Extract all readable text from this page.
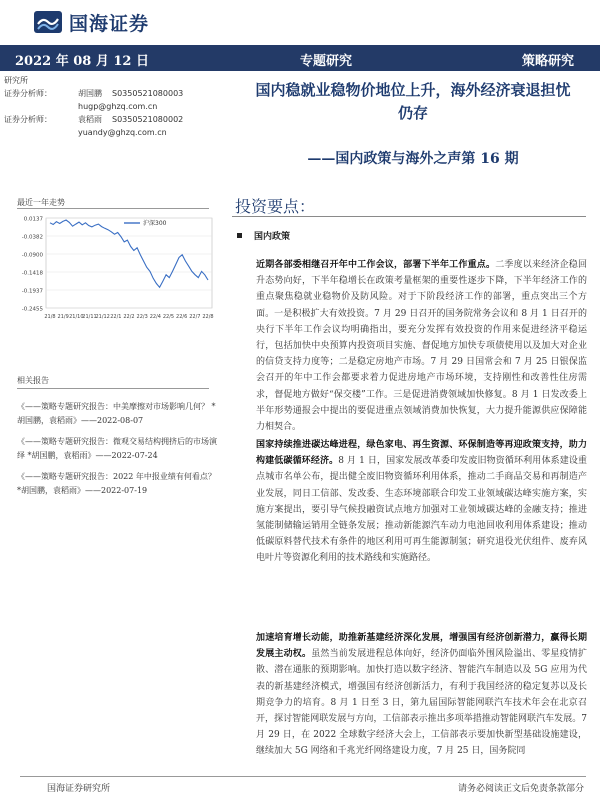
国海证券
2022 年 08 月 12 日	专题研究	策略研究
研究所
证券分析师：	胡国鹏 S0350521080003
hugp@ghzq.com.cn
证券分析师：	袁稻雨 S0350521080002
yuandy@ghzq.com.cn
国内稳就业稳物价地位上升，海外经济衰退担忧
仍存
——国内政策与海外之声第 16 期
最近一年走势
0.0137
-0.0382
-0.0900
-0.1418
-0.1937
-0.2455
21/8 21/9 21/10
21/11
21/12 22/1 22/2 22/3 22/4 22/5 22/6 22/7 22/8
沪深300
相关报告
《——策略专题研究报告：中美摩擦对市场影响几何？ *胡国鹏，袁稻雨》——2022-08-07
《——策略专题研究报告：微观交易结构拥挤后的市场演绎 *胡国鹏，袁稻雨》——2022-07-24
《——策略专题研究报告：2022 年中报业绩有何看点？ *胡国鹏，袁稻雨》——2022-07-19
投资要点：
国内政策
近期各部委相继召开年中工作会议，部署下半年工作重点。二季度以来经济企稳回升态势向好，下半年稳增长在政策考量框架的重要性逐步下降，下半年经济工作的重点聚焦稳就业稳物价及防风险。对于下阶段经济工作的部署，重点突出三个方面。一是积极扩大有效投资。7 月 29 日召开的国务院常务会议和 8 月 1 日召开的央行下半年工作会议均明确指出，要充分发挥有效投资的作用来促进经济平稳运行，包括加快中央预算内投资项目实施、督促地方加快专项债使用以及加大对企业的信贷支持力度等；二是稳定房地产市场。7 月 29 日国常会和 7 月 25 日银保监会召开的年中工作会都要求着力促进房地产市场环境，支持刚性和改善性住房需求，督促地方做好“保交楼”工作。三是促进消费领域加快修复。8 月 1 日发改委上半年形势通报会中提出的要促进重点领域消费加快恢复，大力提升能源供应保障能力相契合。
国家持续推进碳达峰进程，绿色家电、再生资源、环保制造等再迎政策支持，助力构建低碳循环经济。8 月 1 日，国家发展改革委印发废旧物资循环利用体系建设重点城市名单公布，提出健全废旧物资循环利用体系，推动二手商品交易和再制造产业发展，同日工信部、发改委、生态环境部联合印发工业领域碳达峰实施方案，实施方案提出，要引导气候投融资试点地方加强对工业领域碳达峰的金融支持；推进氢能制储输运销用全链条发展；推动新能源汽车动力电池回收利用体系建设；推动低碳原料替代技术有条件的地区利用可再生能源制氢；研究退役光伏组件、废弃风电叶片等资源化利用的技术路线和实施路径。
加速培育增长动能，助推新基建经济深化发展，增强国有经济创新潜力，赢得长期发展主动权。虽然当前发展进程总体向好，经济仍面临外围风险溢出、零星疫情扩散、潜在通胀的预期影响。加快打造以数字经济、智能汽车制造以及 5G 应用为代表的新基建经济模式，增强国有经济创新活力，有利于我国经济的稳定复苏以及长期竞争力的培育。8 月 1 日至 3 日，第九届国际智能网联汽车技术年会在北京召开，探讨智能网联发展与方向，工信部表示推出多项举措推动智能网联汽车发展。7 月 29 日，在 2022 全球数字经济大会上，工信部表示要加快新型基础设施建设，继续加大 5G 网络和千兆光纤网络建设力度，7 月 25 日，国务院同
国海证券研究所	请务必阅读正文后免责条款部分
